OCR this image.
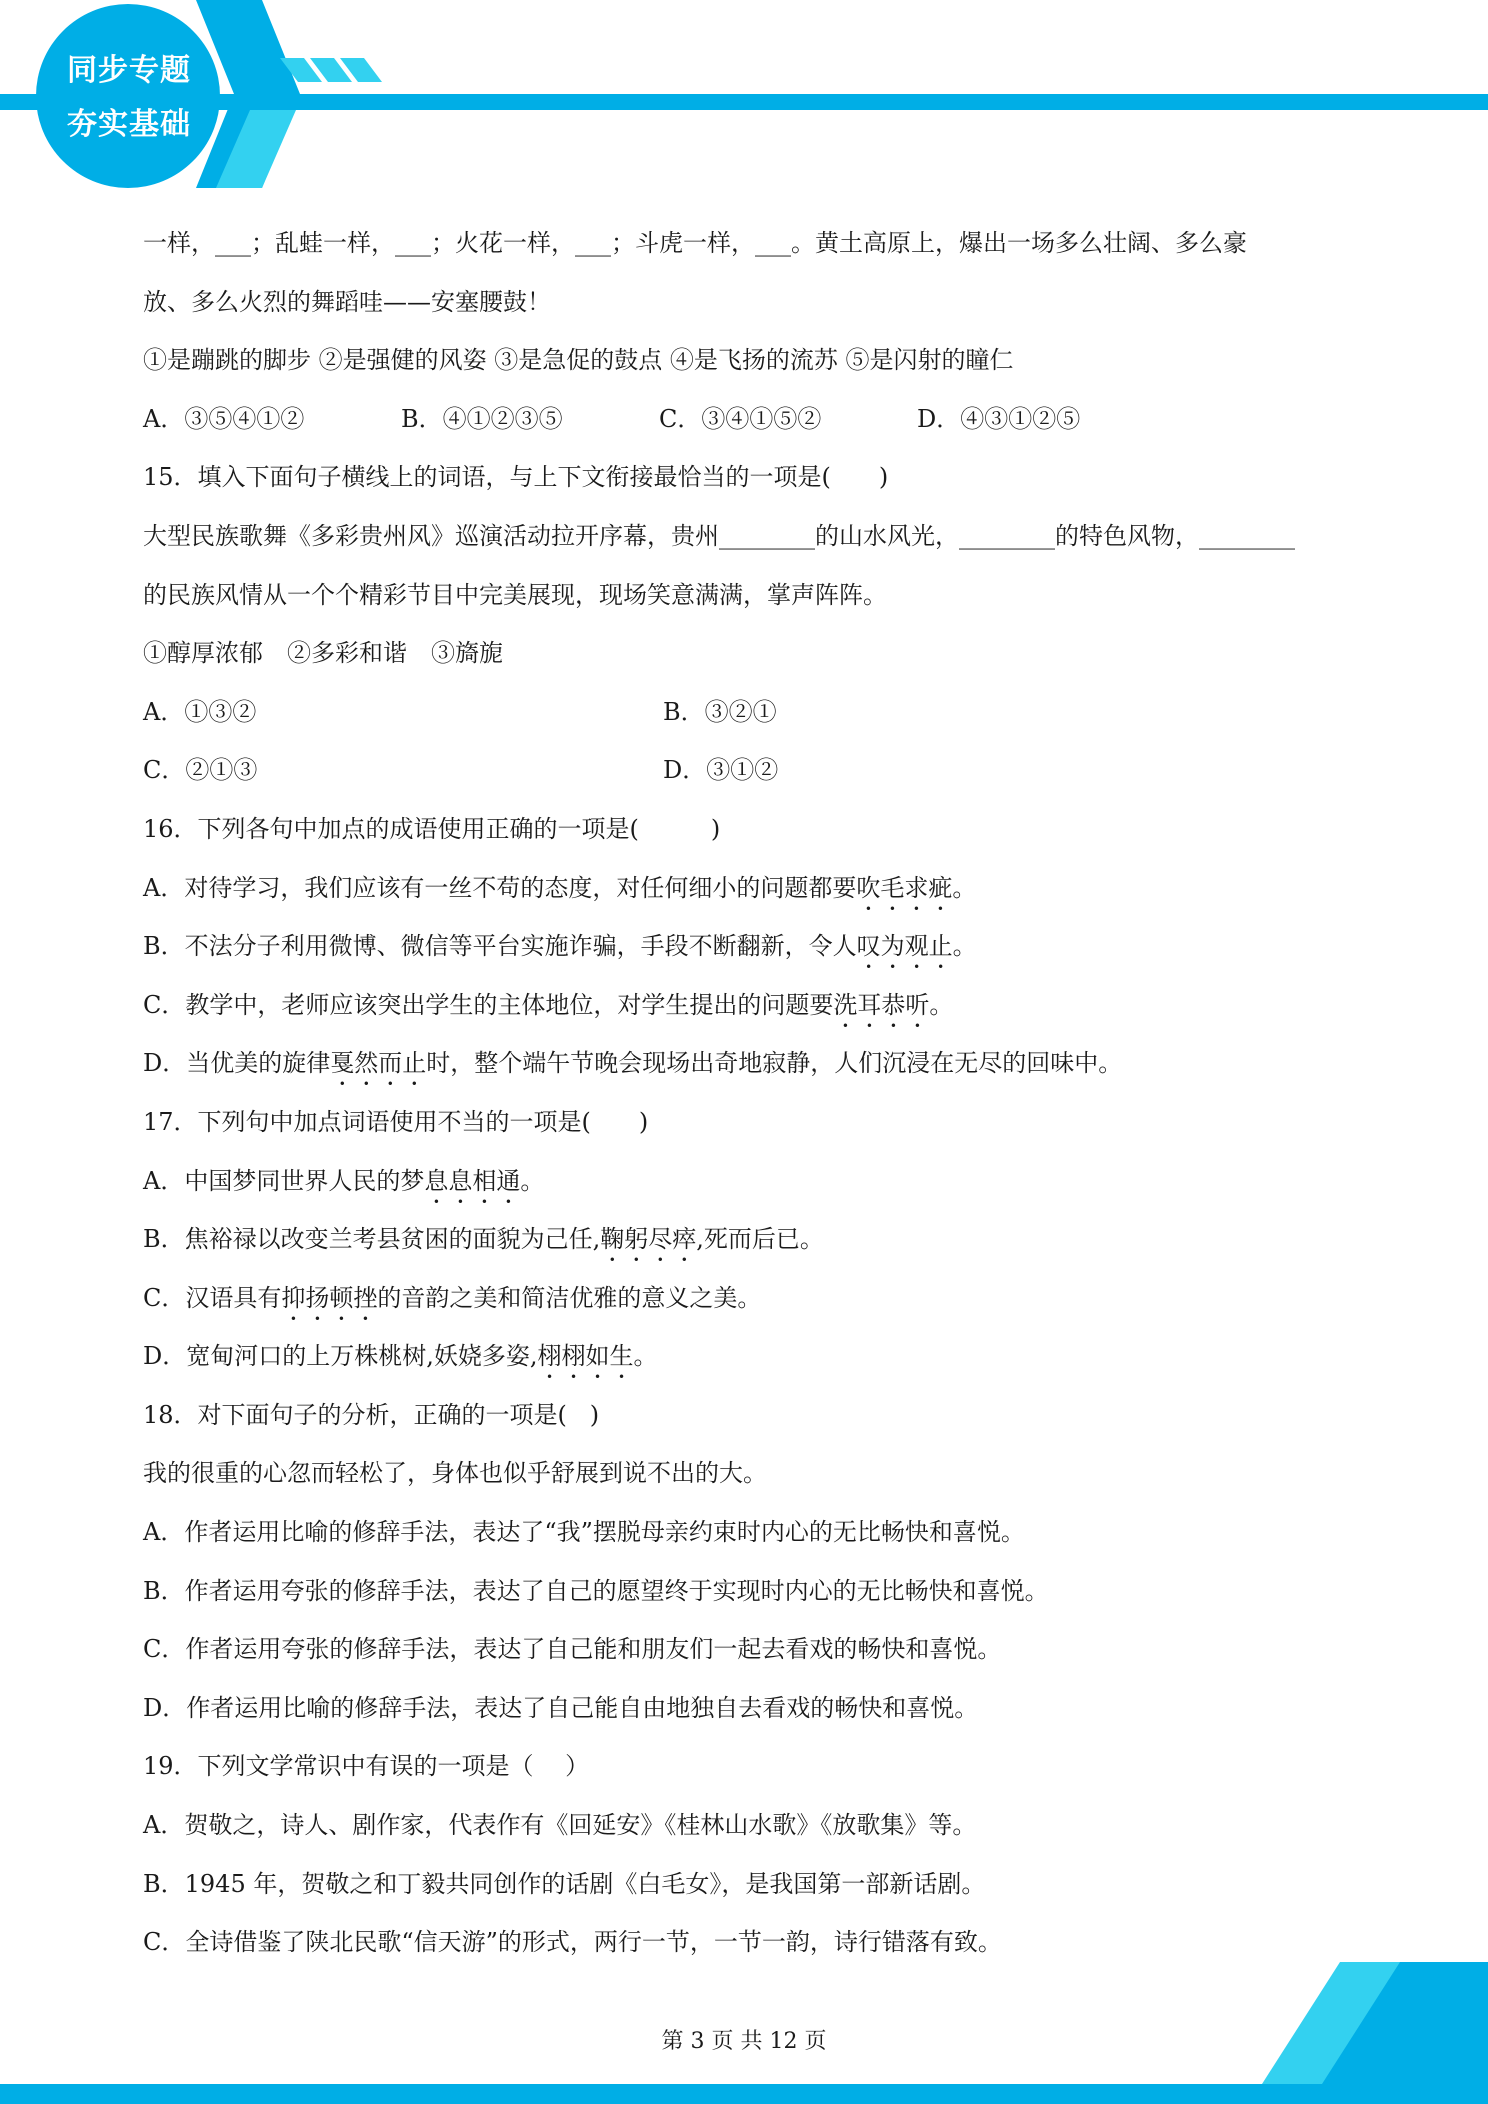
同步专题
夯实基础
一样，___；乱蛙一样，___；火花一样，___；斗虎一样，___。黄土高原上，爆出一场多么壮阔、多么豪
放、多么火烈的舞蹈哇——安塞腰鼓！
①是蹦跳的脚步 ②是强健的风姿 ③是急促的鼓点 ④是飞扬的流苏 ⑤是闪射的瞳仁
A．③⑤④①②	B．④①②③⑤	C．③④①⑤②	D．④③①②⑤
15．填入下面句子横线上的词语，与上下文衔接最恰当的一项是(　　)
大型民族歌舞《多彩贵州风》巡演活动拉开序幕，贵州________的山水风光，________的特色风物，________
的民族风情从一个个精彩节目中完美展现，现场笑意满满，掌声阵阵。
①醇厚浓郁　②多彩和谐　③旖旎
A．①③②	B．③②①
C．②①③	D．③①②
16．下列各句中加点的成语使用正确的一项是(　　　)
A．对待学习，我们应该有一丝不苟的态度，对任何细小的问题都要吹毛求疵。
B．不法分子利用微博、微信等平台实施诈骗，手段不断翻新，令人叹为观止。
C．教学中，老师应该突出学生的主体地位，对学生提出的问题要洗耳恭听。
D．当优美的旋律戛然而止时，整个端午节晚会现场出奇地寂静，人们沉浸在无尽的回味中。
17．下列句中加点词语使用不当的一项是(　　)
A．中国梦同世界人民的梦息息相通。
B．焦裕禄以改变兰考县贫困的面貌为己任,鞠躬尽瘁,死而后已。
C．汉语具有抑扬顿挫的音韵之美和简洁优雅的意义之美。
D．宽甸河口的上万株桃树,妖娆多姿,栩栩如生。
18．对下面句子的分析，正确的一项是(   )
我的很重的心忽而轻松了，身体也似乎舒展到说不出的大。
A．作者运用比喻的修辞手法，表达了“我”摆脱母亲约束时内心的无比畅快和喜悦。
B．作者运用夸张的修辞手法，表达了自己的愿望终于实现时内心的无比畅快和喜悦。
C．作者运用夸张的修辞手法，表达了自己能和朋友们一起去看戏的畅快和喜悦。
D．作者运用比喻的修辞手法，表达了自己能自由地独自去看戏的畅快和喜悦。
19．下列文学常识中有误的一项是（　 ）
A．贺敬之，诗人、剧作家，代表作有《回延安》《桂林山水歌》《放歌集》等。
B．1945 年，贺敬之和丁毅共同创作的话剧《白毛女》，是我国第一部新话剧。
C．全诗借鉴了陕北民歌“信天游”的形式，两行一节，一节一韵，诗行错落有致。
第 3 页 共 12 页
